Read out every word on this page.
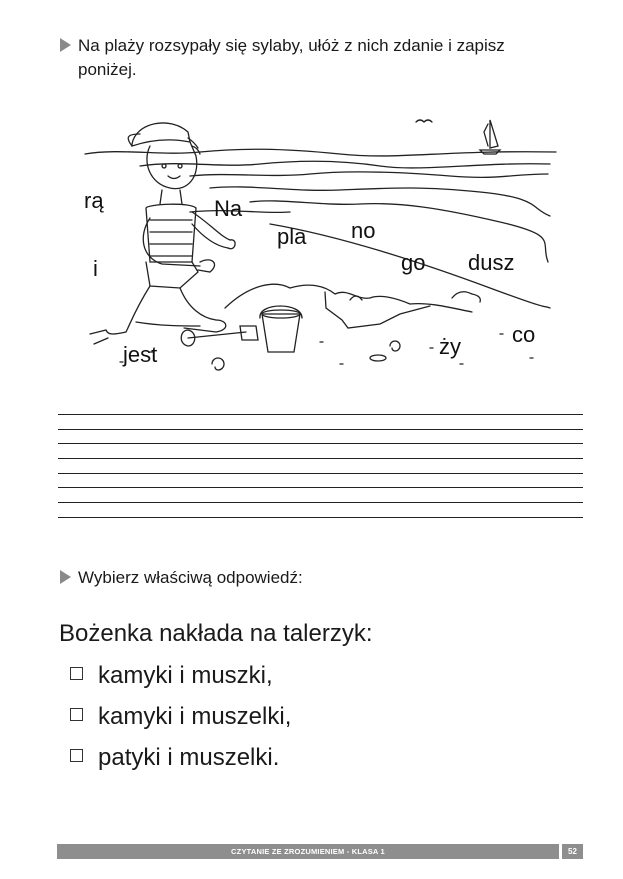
Na plaży rozsypały się sylaby, ułóż z nich zdanie i zapisz
poniżej.
rą	Na
pla no
i	go dusz
co
jest	ży
Wybierz właściwą odpowiedź:
Bożenka nakłada na talerzyk:
kamyki i muszki,
kamyki i muszelki,
patyki i muszelki.
CZYTANIE ZE ZROZUMIENIEM - KLASA 1	52
